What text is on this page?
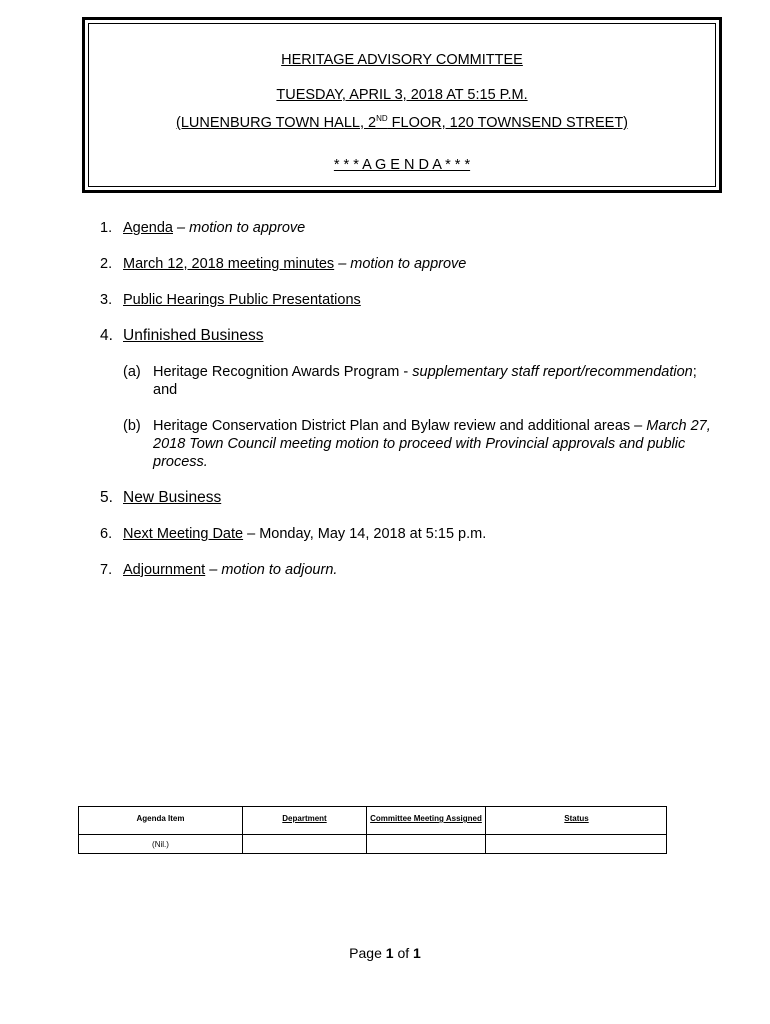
HERITAGE ADVISORY COMMITTEE
TUESDAY, APRIL 3, 2018 AT 5:15 P.M.
(LUNENBURG TOWN HALL, 2ND FLOOR, 120 TOWNSEND STREET)
* * * A G E N D A * * *
1. Agenda – motion to approve
2. March 12, 2018 meeting minutes – motion to approve
3. Public Hearings Public Presentations
4. Unfinished Business
(a) Heritage Recognition Awards Program - supplementary staff report/recommendation; and
(b) Heritage Conservation District Plan and Bylaw review and additional areas – March 27, 2018 Town Council meeting motion to proceed with Provincial approvals and public process.
5. New Business
6. Next Meeting Date – Monday, May 14, 2018 at 5:15 p.m.
7. Adjournment – motion to adjourn.
Agenda Item	Department	Committee Meeting Assigned	Status
(Nil.)
Page 1 of 1
